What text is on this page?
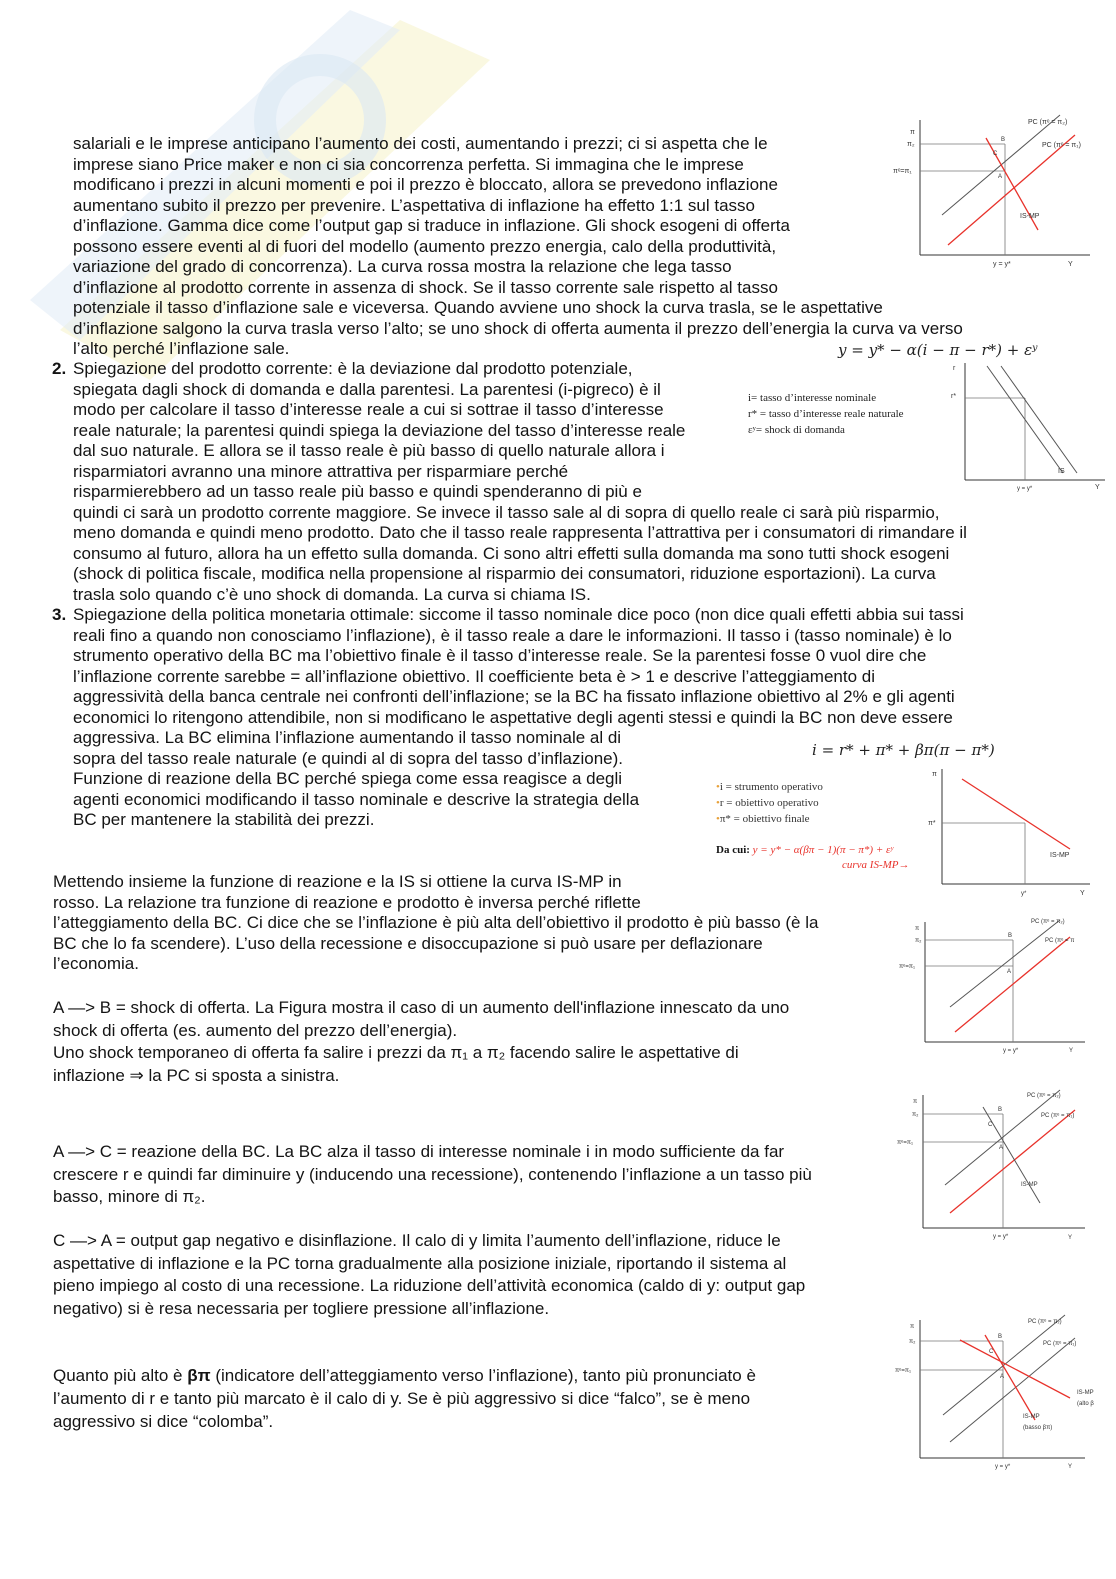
salariali e le imprese anticipano l’aumento dei costi, aumentando i prezzi; ci si aspetta che le
imprese siano Price maker e non ci sia concorrenza perfetta. Si immagina che le imprese
modificano i prezzi in alcuni momenti e poi il prezzo è bloccato, allora se prevedono inflazione
aumentano subito il prezzo per prevenire. L’aspettativa di inflazione ha effetto 1:1 sul tasso
d’inflazione. Gamma dice come l’output gap si traduce in inflazione. Gli shock esogeni di offerta
possono essere eventi al di fuori del modello (aumento prezzo energia, calo della produttività,
variazione del grado di concorrenza). La curva rossa mostra la relazione che lega tasso
d’inflazione al prodotto corrente in assenza di shock. Se il tasso corrente sale rispetto al tasso
potenziale il tasso d’inflazione sale e viceversa. Quando avviene uno shock la curva trasla, se le aspettative
d’inflazione salgono la curva trasla verso l’alto; se uno shock di offerta aumenta il prezzo dell’energia la curva va verso
l’alto perché l’inflazione sale.
π
Y
π₂
πᵉ=π₁
PC (πᵉ = π₂)
PC (πᵉ = π₁)
IS-MP
y = y*
B
C
A
2. Spiegazione del prodotto corrente: è la deviazione dal prodotto potenziale,
spiegata dagli shock di domanda e dalla parentesi. La parentesi (i-pigreco) è il
modo per calcolare il tasso d’interesse reale a cui si sottrae il tasso d’interesse
reale naturale; la parentesi quindi spiega la deviazione del tasso d’interesse reale
dal suo naturale. E allora se il tasso reale è più basso di quello naturale allora i
risparmiatori avranno una minore attrattiva per risparmiare perché
risparmierebbero ad un tasso reale più basso e quindi spenderanno di più e
quindi ci sarà un prodotto corrente maggiore. Se invece il tasso sale al di sopra di quello reale ci sarà più risparmio,
meno domanda e quindi meno prodotto. Dato che il tasso reale rappresenta l’attrattiva per i consumatori di rimandare il
consumo al futuro, allora ha un effetto sulla domanda. Ci sono altri effetti sulla domanda ma sono tutti shock esogeni
(shock di politica fiscale, modifica nella propensione al risparmio dei consumatori, riduzione esportazioni). La curva
trasla solo quando c’è uno shock di domanda. La curva si chiama IS.
y = y* − α(i − π − r*) + εʸ
i= tasso d’interesse nominale
r* = tasso d’interesse reale naturale
εʸ= shock di domanda
r
r*
Y
IS
y = y*
3. Spiegazione della politica monetaria ottimale: siccome il tasso nominale dice poco (non dice quali effetti abbia sui tassi
reali fino a quando non conosciamo l’inflazione), è il tasso reale a dare le informazioni. Il tasso i (tasso nominale) è lo
strumento operativo della BC ma l’obiettivo finale è il tasso d’interesse reale. Se la parentesi fosse 0 vuol dire che
l’inflazione corrente sarebbe = all’inflazione obiettivo. Il coefficiente beta è > 1 e descrive l’atteggiamento di
aggressività della banca centrale nei confronti dell’inflazione; se la BC ha fissato inflazione obiettivo al 2% e gli agenti
economici lo ritengono attendibile, non si modificano le aspettative degli agenti stessi e quindi la BC non deve essere
aggressiva. La BC elimina l’inflazione aumentando il tasso nominale al di
sopra del tasso reale naturale (e quindi al di sopra del tasso d’inflazione).
Funzione di reazione della BC perché spiega come essa reagisce a degli
agenti economici modificando il tasso nominale e descrive la strategia della
BC per mantenere la stabilità dei prezzi.
i = r* + π* + βπ(π − π*)
•i = strumento operativo
•r = obiettivo operativo
•π* = obiettivo finale
Da cui: y = y* − α(βπ − 1)(π − π*) + εʸ
curva IS-MP→
π
π*
Y
IS-MP
y*
Mettendo insieme la funzione di reazione e la IS si ottiene la curva IS-MP in
rosso. La relazione tra funzione di reazione e prodotto è inversa perché riflette
l’atteggiamento della BC. Ci dice che se l’inflazione è più alta dell’obiettivo il prodotto è più basso (è la
BC che lo fa scendere). L’uso della recessione e disoccupazione si può usare per deflazionare
l’economia.
π
π₂
πᵉ=π₁
Y
PC (πᵉ = π₂)
PC (πᵉ = π
B
A
y = y*
A —> B = shock di offerta. La Figura mostra il caso di un aumento dell'inflazione innescato da uno
shock di offerta (es. aumento del prezzo dell’energia).
Uno shock temporaneo di offerta fa salire i prezzi da π₁ a π₂ facendo salire le aspettative di
inflazione ⇒ la PC si sposta a sinistra.
π
π₂
πᵉ=π₁
Y
PC (πᵉ = π₂)
PC (πᵉ = π₁)
IS-MP
B
C
A
y = y*
A —> C = reazione della BC. La BC alza il tasso di interesse nominale i in modo sufficiente da far
crescere r e quindi far diminuire y (inducendo una recessione), contenendo l’inflazione a un tasso più
basso, minore di π₂.
C —> A = output gap negativo e disinflazione. Il calo di y limita l’aumento dell’inflazione, riduce le
aspettative di inflazione e la PC torna gradualmente alla posizione iniziale, riportando il sistema al
pieno impiego al costo di una recessione. La riduzione dell’attività economica (caldo di y: output gap
negativo) si è resa necessaria per togliere pressione all’inflazione.
π
π₂
πᵉ=π₁
Y
PC (πᵉ = π₂)
PC (πᵉ = π₁)
IS-MP
(alto β
IS-MP
(basso βπ)
B
C
A
y = y*
Quanto più alto è βπ (indicatore dell’atteggiamento verso l’inflazione), tanto più pronunciato è
l’aumento di r e tanto più marcato è il calo di y. Se è più aggressivo si dice “falco”, se è meno
aggressivo si dice “colomba”.
